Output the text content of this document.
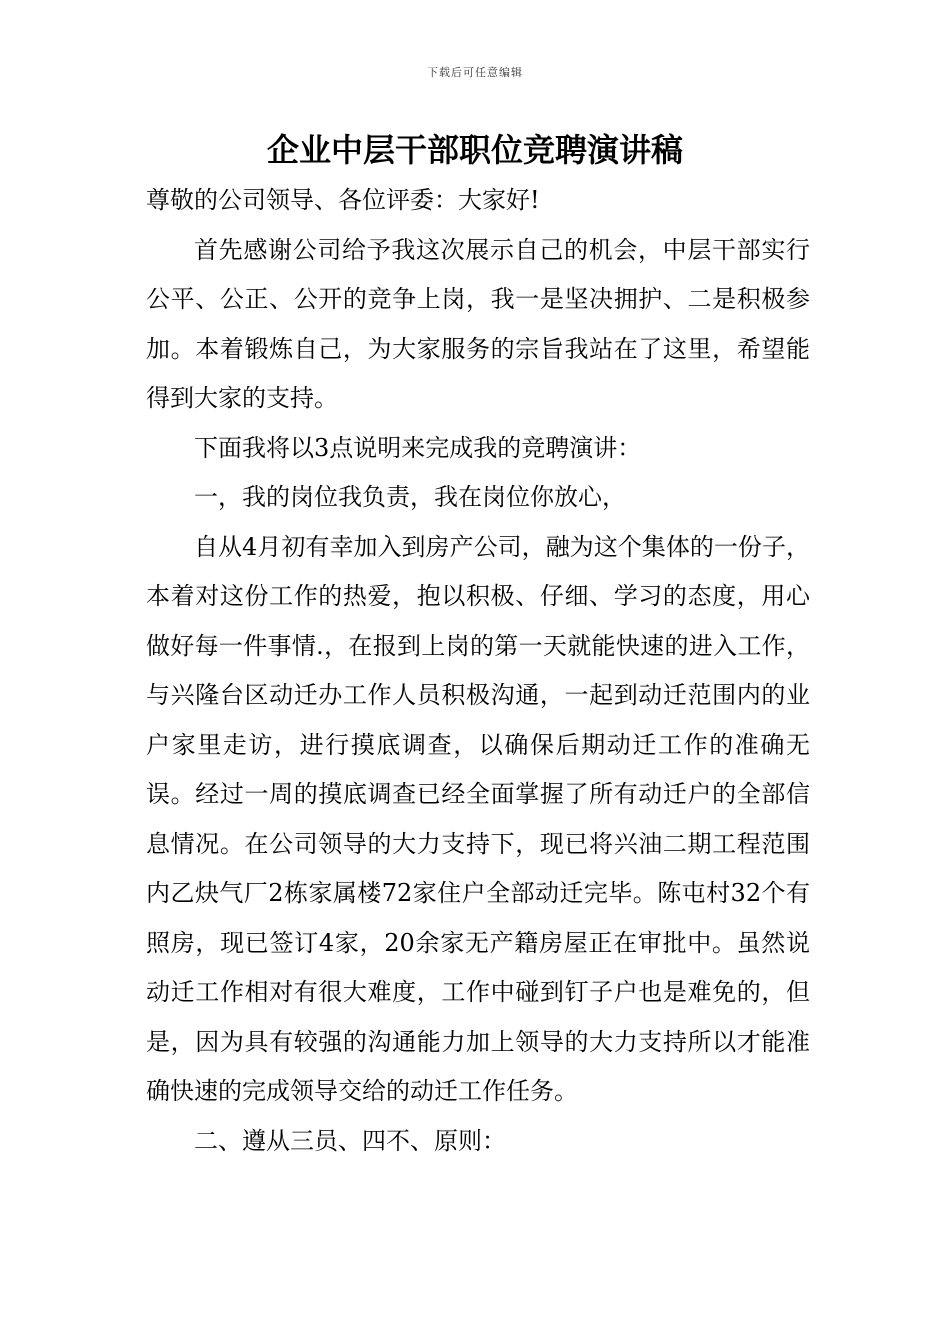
下载后可任意编辑
企业中层干部职位竞聘演讲稿

尊敬的公司领导、各位评委：大家好!

首先感谢公司给予我这次展示自己的机会，中层干部实行公平、公正、公开的竞争上岗，我一是坚决拥护、二是积极参加。本着锻炼自己，为大家服务的宗旨我站在了这里，希望能得到大家的支持。

下面我将以3点说明来完成我的竞聘演讲：

一，我的岗位我负责，我在岗位你放心，

自从4月初有幸加入到房产公司，融为这个集体的一份子，本着对这份工作的热爱，抱以积极、仔细、学习的态度，用心做好每一件事情.，在报到上岗的第一天就能快速的进入工作，与兴隆台区动迁办工作人员积极沟通，一起到动迁范围内的业户家里走访，进行摸底调查，以确保后期动迁工作的准确无误。经过一周的摸底调查已经全面掌握了所有动迁户的全部信息情况。在公司领导的大力支持下，现已将兴油二期工程范围内乙炔气厂2栋家属楼72家住户全部动迁完毕。陈屯村32个有照房，现已签订4家，20余家无产籍房屋正在审批中。虽然说动迁工作相对有很大难度，工作中碰到钉子户也是难免的，但是，因为具有较强的沟通能力加上领导的大力支持所以才能准确快速的完成领导交给的动迁工作任务。

二、遵从三员、四不、原则：
